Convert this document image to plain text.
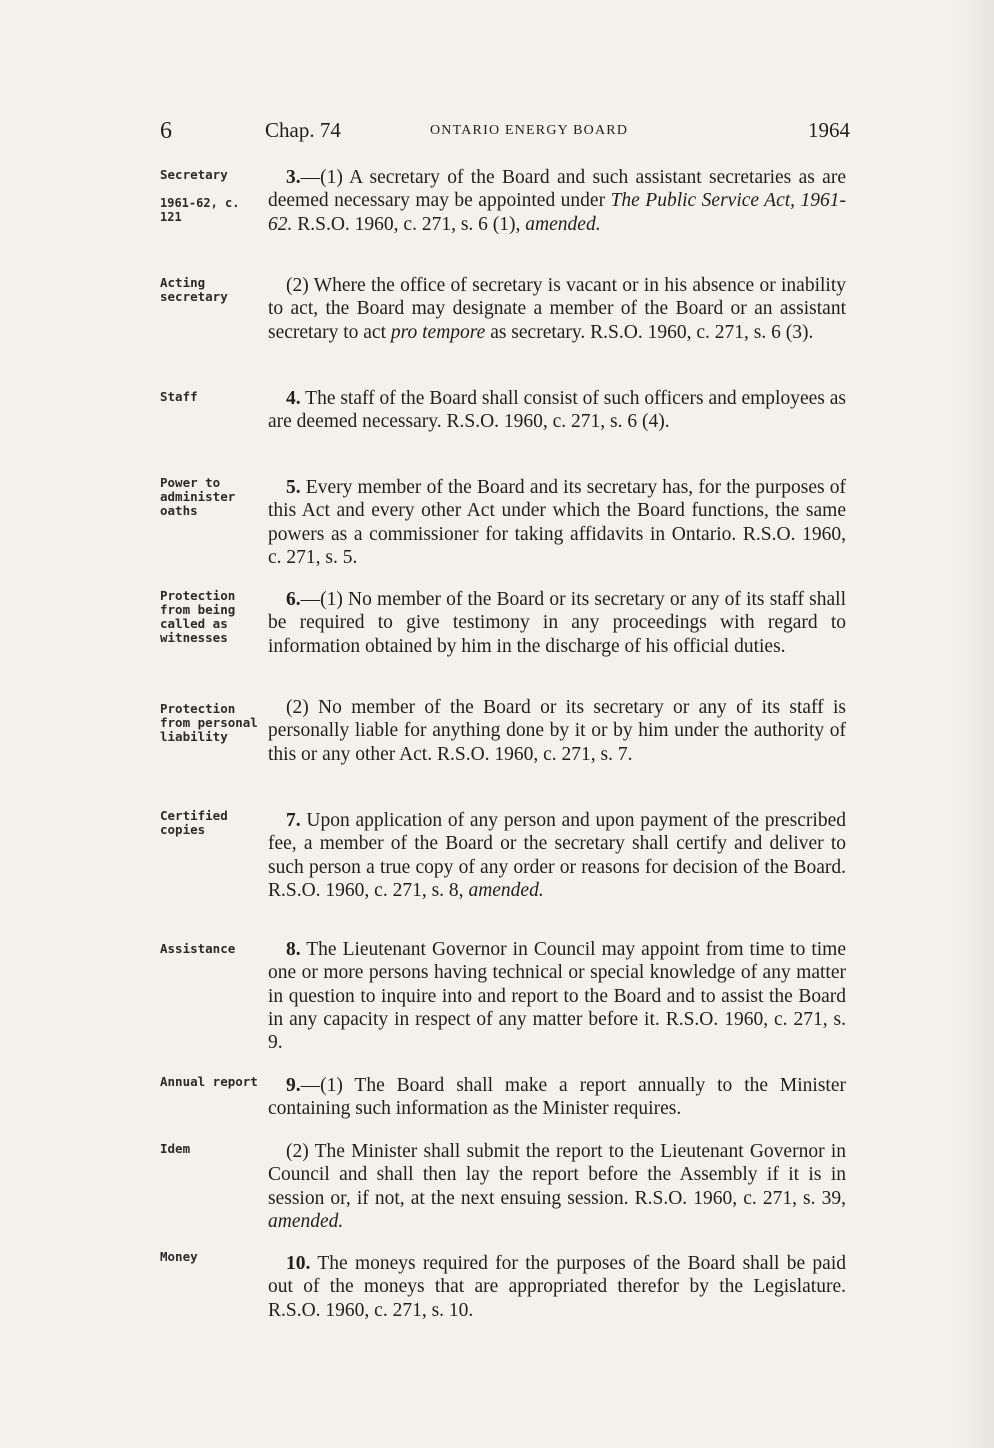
6	Chap. 74	ONTARIO ENERGY BOARD	1964
Secretary
1961-62, c. 121
Acting secretary
Staff
Power to administer oaths
Protection from being called as witnesses
Protection from personal liability
Certified copies
Assistance
Annual report
Idem
Money
3.—(1) A secretary of the Board and such assistant secretaries as are deemed necessary may be appointed under The Public Service Act, 1961-62. R.S.O. 1960, c. 271, s. 6 (1), amended.
(2) Where the office of secretary is vacant or in his absence or inability to act, the Board may designate a member of the Board or an assistant secretary to act pro tempore as secretary. R.S.O. 1960, c. 271, s. 6 (3).
4. The staff of the Board shall consist of such officers and employees as are deemed necessary. R.S.O. 1960, c. 271, s. 6 (4).
5. Every member of the Board and its secretary has, for the purposes of this Act and every other Act under which the Board functions, the same powers as a commissioner for taking affidavits in Ontario. R.S.O. 1960, c. 271, s. 5.
6.—(1) No member of the Board or its secretary or any of its staff shall be required to give testimony in any proceedings with regard to information obtained by him in the discharge of his official duties.
(2) No member of the Board or its secretary or any of its staff is personally liable for anything done by it or by him under the authority of this or any other Act. R.S.O. 1960, c. 271, s. 7.
7. Upon application of any person and upon payment of the prescribed fee, a member of the Board or the secretary shall certify and deliver to such person a true copy of any order or reasons for decision of the Board. R.S.O. 1960, c. 271, s. 8, amended.
8. The Lieutenant Governor in Council may appoint from time to time one or more persons having technical or special knowledge of any matter in question to inquire into and report to the Board and to assist the Board in any capacity in respect of any matter before it. R.S.O. 1960, c. 271, s. 9.
9.—(1) The Board shall make a report annually to the Minister containing such information as the Minister requires.
(2) The Minister shall submit the report to the Lieutenant Governor in Council and shall then lay the report before the Assembly if it is in session or, if not, at the next ensuing session. R.S.O. 1960, c. 271, s. 39, amended.
10. The moneys required for the purposes of the Board shall be paid out of the moneys that are appropriated therefor by the Legislature. R.S.O. 1960, c. 271, s. 10.
